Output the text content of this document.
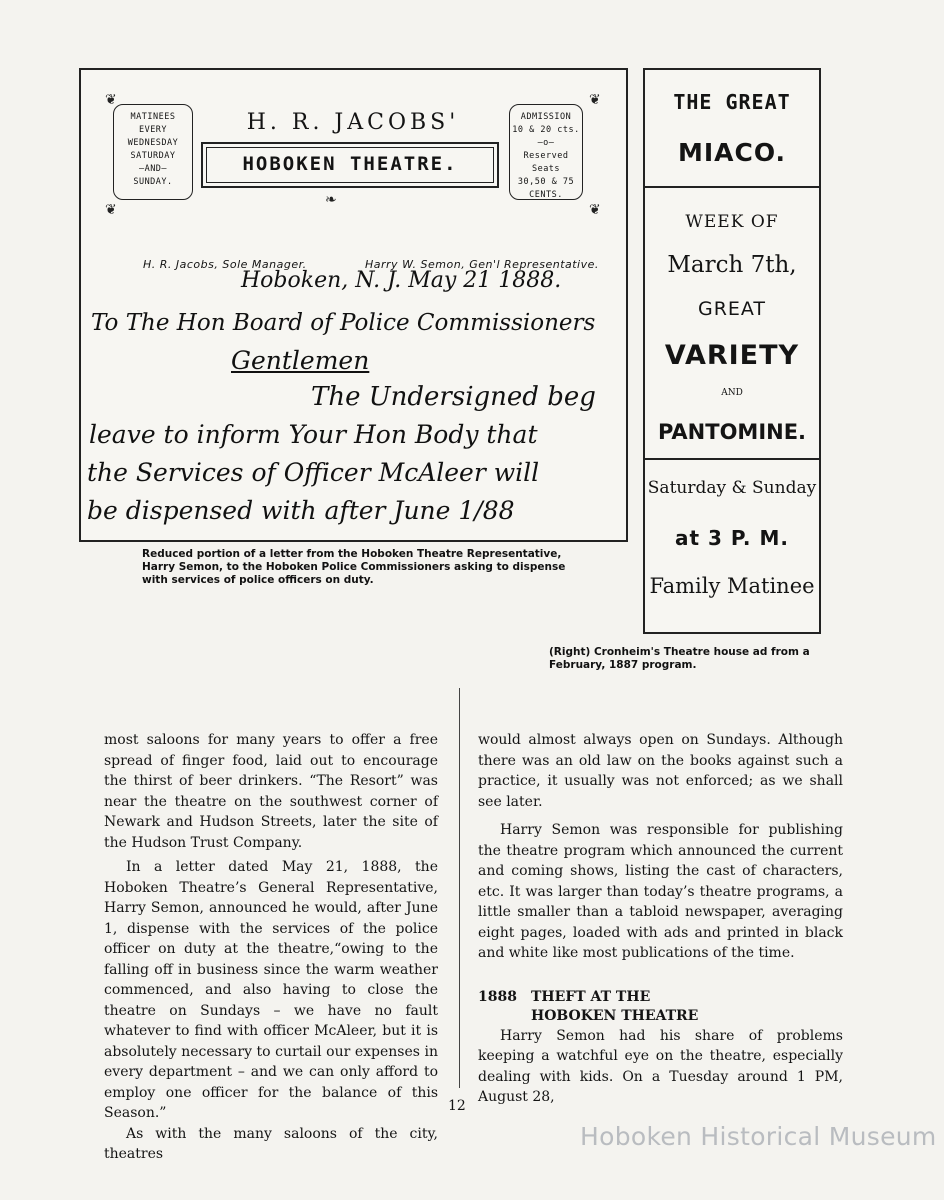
❦	❦
❦	❦
❧
MATINEES
EVERY
WEDNESDAY
SATURDAY
—AND—
SUNDAY.
H. R. JACOBS'
HOBOKEN THEATRE.
ADMISSION
10 & 20 cts.
—o—
Reserved Seats
30,50 & 75
CENTS.
H. R. Jacobs, Sole Manager.	Harry W. Semon, Gen'l Representative.
Hoboken, N. J. May 21 1888.
To The Hon Board of Police Commissioners
Gentlemen
The Undersigned beg
leave to inform Your Hon Body that
the Services of Officer McAleer will
be dispensed with after June 1/88
Reduced portion of a letter from the Hoboken Theatre Representative, Harry Semon, to the Hoboken Police Commissioners asking to dispense with services of police officers on duty.
THE GREAT
MIACO.
WEEK OF
March 7th,
GREAT
VARIETY
AND
PANTOMINE.
Saturday & Sunday
at 3 P. M.
Family Matinee
(Right) Cronheim's Theatre house ad from a February, 1887 program.

most saloons for many years to offer a free spread of finger food, laid out to encourage the thirst of beer drinkers. “The Resort” was near the theatre on the southwest corner of Newark and Hudson Streets, later the site of the Hudson Trust Company.

In a letter dated May 21, 1888, the Hoboken Theatre’s General Representative, Harry Semon, announced he would, after June 1, dispense with the services of the police officer on duty at the theatre,“owing to the falling off in business since the warm weather commenced, and also having to close the theatre on Sundays – we have no fault whatever to find with officer McAleer, but it is absolutely necessary to curtail our expenses in every department – and we can only afford to employ one officer for the balance of this Season.”

As with the many saloons of the city, theatres

would almost always open on Sundays. Although there was an old law on the books against such a practice, it usually was not enforced; as we shall see later.

Harry Semon was responsible for publishing the theatre program which announced the current and coming shows, listing the cast of characters, etc. It was larger than today’s theatre programs, a little smaller than a tabloid newspaper, averaging eight pages, loaded with ads and printed in black and white like most publications of the time.

1888	THEFT AT THE
HOBOKEN THEATRE

Harry Semon had his share of problems keeping a watchful eye on the theatre, especially dealing with kids. On a Tuesday around 1 PM, August 28,

12
Hoboken Historical Museum
